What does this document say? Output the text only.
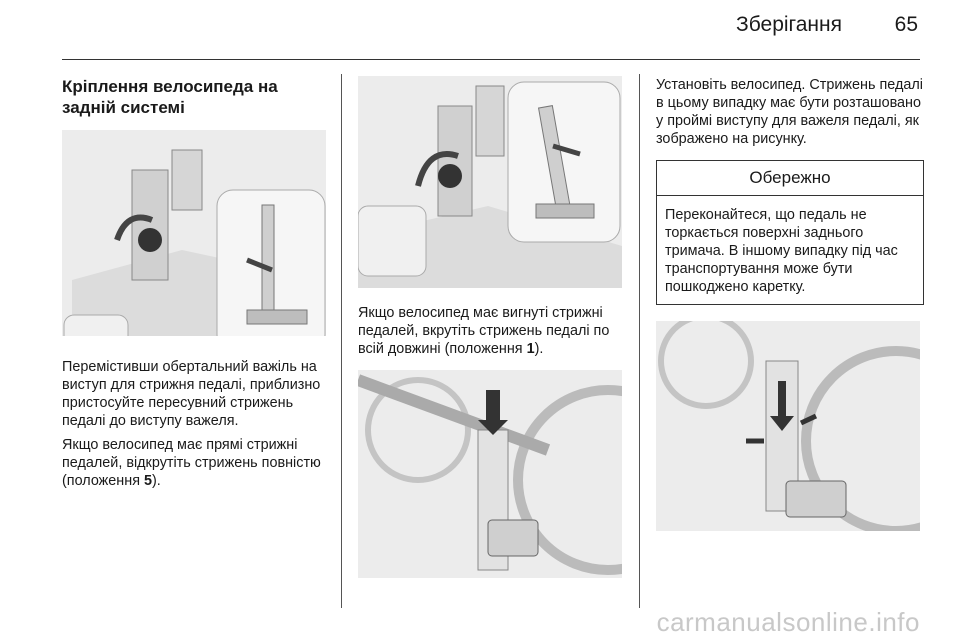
Зберігання	65
Кріплення велосипеда на задній системі

Перемістивши обертальний важіль на виступ для стрижня педалі, приблизно пристосуйте пересувний стрижень педалі до виступу важеля.

Якщо велосипед має прямі стрижні педалей, відкрутіть стрижень повністю (положення 5).

Якщо велосипед має вигнуті стрижні педалей, вкрутіть стрижень педалі по всій довжині (положення 1).

Установіть велосипед. Стрижень педалі в цьому випадку має бути розташовано у проймі виступу для важеля педалі, як зображено на рисунку.

Обережно
Переконайтеся, що педаль не торкається поверхні заднього тримача. В іншому випадку під час транспортування може бути пошкоджено каретку.
carmanualsonline.info
